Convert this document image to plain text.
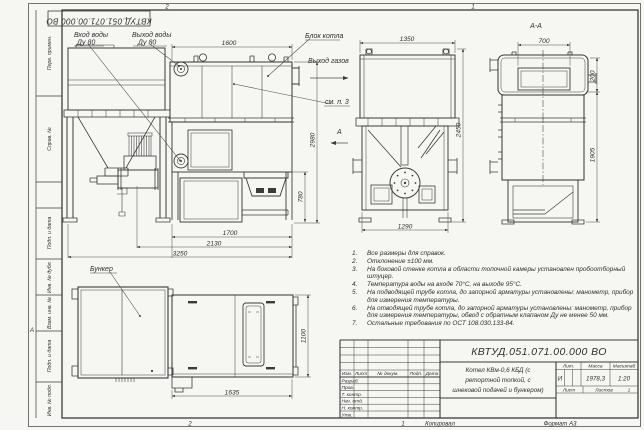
Перв. примен.
Справ. №
Подп. и дата
Инв. № дубл.
Взам. инв. №
Подп. и дата
Инв. № подл.
2	1
2	1
А
КВТУД.051.071.00.000 ВО
1600
2980
780
1700
2130
3250
1350
2450
1290
700
200
1905
1635
1100
Вход воды
Ду 80
Выход воды
Ду 80
Блок котла
Выход газов
см. п. 3
А
А-А
Бункер
КВТУД.051.071.00.000 ВО
Котел КВм-0,6 КБД (с
ретортной топкой, с
шнековой подачей и бункером)
Лит.	Масса Масштаб
И	1978,3 1:20
Лист	Листов	1
Изм. Лист № докум. Подп. Дата
Разраб.
Пров.
Т. контр.
Нач. отд.
Н. контр.
Утв.
Копировал	Формат А3
1.	Все размеры для справок.
2.	Отклонение ±100 мм.
3.	На боковой стенке котла в области топочной камеры установлен пробоотборный штуцер.
4.	Температура воды на входе 70°С, на выходе 95°С.
5.	На подводящей трубе котла, до запорной арматуры установлены: манометр, прибор для измерения температуры.
6.	На отводящей трубе котла, до запорной арматуры установлены: манометр, прибор для измерения температуры, обвод с обратным клапаном Ду не менее 50 мм.
7.	Остальные требования по ОСТ 108.030.133-84.
